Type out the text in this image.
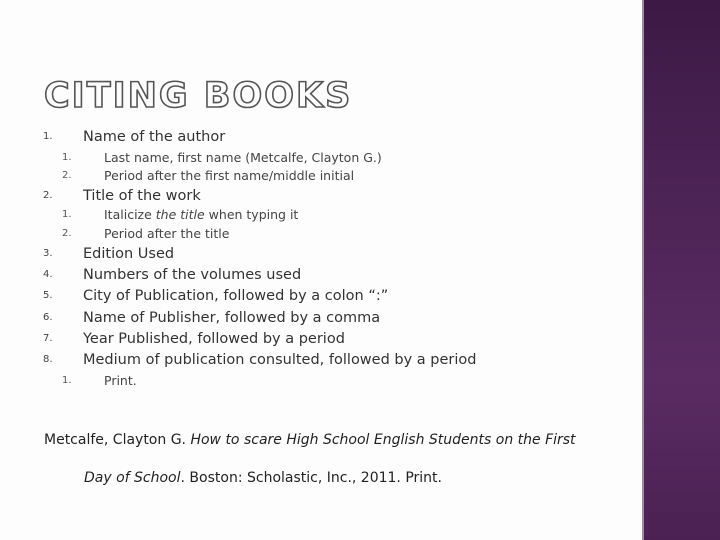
CITING BOOKS
1.	Name of the author
1.	Last name, first name (Metcalfe, Clayton G.)
2.	Period after the first name/middle initial
2.	Title of the work
1.	Italicize the title when typing it
2.	Period after the title
3.	Edition Used
4.	Numbers of the volumes used
5.	City of Publication, followed by a colon “:”
6.	Name of Publisher, followed by a comma
7.	Year Published, followed by a period
8.	Medium of publication consulted, followed by a period
1.	Print.
Metcalfe, Clayton G. How to scare High School English Students on the First
Day of School. Boston: Scholastic, Inc., 2011. Print.
